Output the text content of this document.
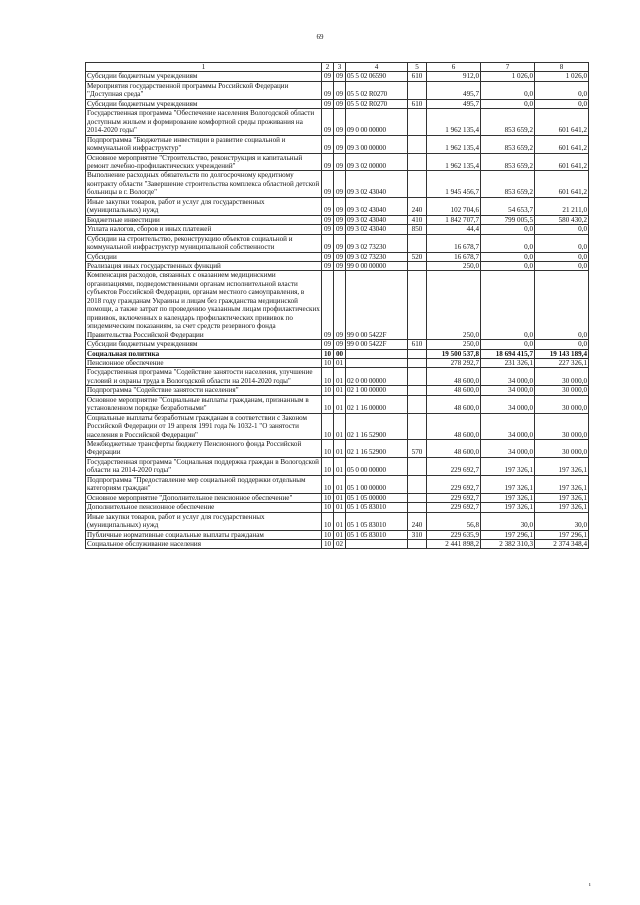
69
1	2	3	4	5	6	7	8
Субсидии бюджетным учреждениям	09	09	05 5 02 06590	610	912,0	1 026,0	1 026,0
Мероприятия государственной программы Российской Федерации "Доступная среда"	09	09	05 5 02 R0270		495,7	0,0	0,0
Субсидии бюджетным учреждениям	09	09	05 5 02 R0270	610	495,7	0,0	0,0
Государственная программа "Обеспечение населения Вологодской области доступным жильем и формирование комфортной среды проживания на 2014-2020 годы"	09	09	09 0 00 00000		1 962 135,4	853 659,2	601 641,2
Подпрограмма "Бюджетные инвестиции в развитие социальной и коммунальной инфраструктур"	09	09	09 3 00 00000		1 962 135,4	853 659,2	601 641,2
Основное мероприятие "Строительство, реконструкция и капитальный ремонт лечебно-профилактических учреждений"	09	09	09 3 02 00000		1 962 135,4	853 659,2	601 641,2
Выполнение расходных обязательств по долгосрочному кредитному контракту области "Завершение строительства комплекса областной детской больницы в г. Вологде"	09	09	09 3 02 43040		1 945 456,7	853 659,2	601 641,2
Иные закупки товаров, работ и услуг для государственных (муниципальных) нужд	09	09	09 3 02 43040	240	102 704,6	54 653,7	21 211,0
Бюджетные инвестиции	09	09	09 3 02 43040	410	1 842 707,7	799 005,5	580 430,2
Уплата налогов, сборов и иных платежей	09	09	09 3 02 43040	850	44,4	0,0	0,0
Субсидии на строительство, реконструкцию объектов социальной и коммунальной инфраструктур муниципальной собственности	09	09	09 3 02 73230		16 678,7	0,0	0,0
Субсидии	09	09	09 3 02 73230	520	16 678,7	0,0	0,0
Реализация иных государственных функций	09	09	99 0 00 00000		250,0	0,0	0,0
Компенсация расходов, связанных с оказанием медицинскими организациями, подведомственными органам исполнительной власти субъектов Российской Федерации, органам местного самоуправления, в 2018 году гражданам Украины и лицам без гражданства медицинской помощи, а также затрат по проведению указанным лицам профилактических прививок, включенных в календарь профилактических прививок по эпидемическим показаниям, за счет средств резервного фонда Правительства Российской Федерации	09	09	99 0 00 5422F		250,0	0,0	0,0
Субсидии бюджетным учреждениям	09	09	99 0 00 5422F	610	250,0	0,0	0,0
Социальная политика	10	00			19 500 537,8	18 694 415,7	19 143 189,4
Пенсионное обеспечение	10	01			278 292,7	231 326,1	227 326,1
Государственная программа "Содействие занятости населения, улучшение условий и охраны труда в Вологодской области на 2014-2020 годы"	10	01	02 0 00 00000		48 600,0	34 000,0	30 000,0
Подпрограмма "Содействие занятости населения"	10	01	02 1 00 00000		48 600,0	34 000,0	30 000,0
Основное мероприятие "Социальные выплаты гражданам, признанным в установленном порядке безработными"	10	01	02 1 16 00000		48 600,0	34 000,0	30 000,0
Социальные выплаты безработным гражданам в соответствии с Законом Российской Федерации от 19 апреля 1991 года № 1032-1 "О занятости населения в Российской Федерации"	10	01	02 1 16 52900		48 600,0	34 000,0	30 000,0
Межбюджетные трансферты бюджету Пенсионного фонда Российской Федерации	10	01	02 1 16 52900	570	48 600,0	34 000,0	30 000,0
Государственная программа "Социальная поддержка граждан в Вологодской области на 2014-2020 годы"	10	01	05 0 00 00000		229 692,7	197 326,1	197 326,1
Подпрограмма "Предоставление мер социальной поддержки отдельным категориям граждан"	10	01	05 1 00 00000		229 692,7	197 326,1	197 326,1
Основное мероприятие "Дополнительное пенсионное обеспечение"	10	01	05 1 05 00000		229 692,7	197 326,1	197 326,1
Дополнительное пенсионное обеспечение	10	01	05 1 05 83010		229 692,7	197 326,1	197 326,1
Иные закупки товаров, работ и услуг для государственных (муниципальных) нужд	10	01	05 1 05 83010	240	56,8	30,0	30,0
Публичные нормативные социальные выплаты гражданам	10	01	05 1 05 83010	310	229 635,9	197 296,1	197 296,1
Социальное обслуживание населения	10	02			2 441 898,2	2 382 310,3	2 374 348,4
ı
